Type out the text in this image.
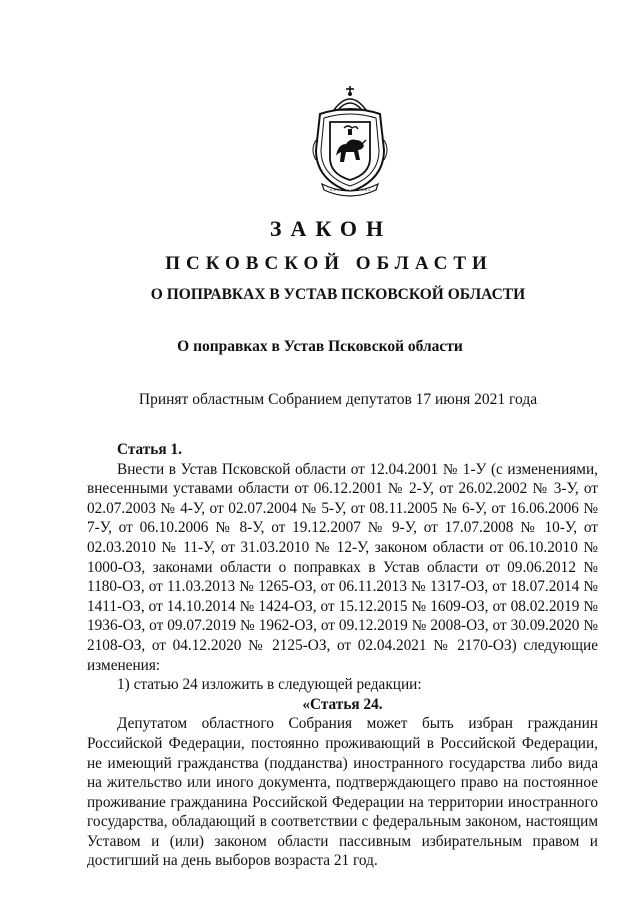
ЗАКОН
ПСКОВСКОЙ ОБЛАСТИ
О ПОПРАВКАХ В УСТАВ ПСКОВСКОЙ ОБЛАСТИ
О поправках в Устав Псковской области
Принят областным Собранием депутатов 17 июня 2021 года
Статья 1.

Внести в Устав Псковской области от 12.04.2001 № 1-У (с изменениями, внесенными уставами области от 06.12.2001 № 2-У, от 26.02.2002 № 3-У, от 02.07.2003 № 4-У, от 02.07.2004 № 5-У, от 08.11.2005 № 6-У, от 16.06.2006 № 7-У, от 06.10.2006 № 8-У, от 19.12.2007 № 9-У, от 17.07.2008 № 10-У, от 02.03.2010 № 11-У, от 31.03.2010 № 12-У, законом области от 06.10.2010 № 1000-ОЗ, законами области о поправках в Устав области от 09.06.2012 № 1180-ОЗ, от 11.03.2013 № 1265-ОЗ, от 06.11.2013 № 1317-ОЗ, от 18.07.2014 № 1411-ОЗ, от 14.10.2014 № 1424-ОЗ, от 15.12.2015 № 1609-ОЗ, от 08.02.2019 № 1936-ОЗ, от 09.07.2019 № 1962-ОЗ, от 09.12.2019 № 2008-ОЗ, от 30.09.2020 № 2108-ОЗ, от 04.12.2020 № 2125-ОЗ, от 02.04.2021 № 2170-ОЗ) следующие изменения:

1) статью 24 изложить в следующей редакции:

«Статья 24.

Депутатом областного Собрания может быть избран гражданин Российской Федерации, постоянно проживающий в Российской Федерации, не имеющий гражданства (подданства) иностранного государства либо вида на жительство или иного документа, подтверждающего право на постоянное проживание гражданина Российской Федерации на территории иностранного государства, обладающий в соответствии с федеральным законом, настоящим Уставом и (или) законом области пассивным избирательным правом и достигший на день выборов возраста 21 год.
